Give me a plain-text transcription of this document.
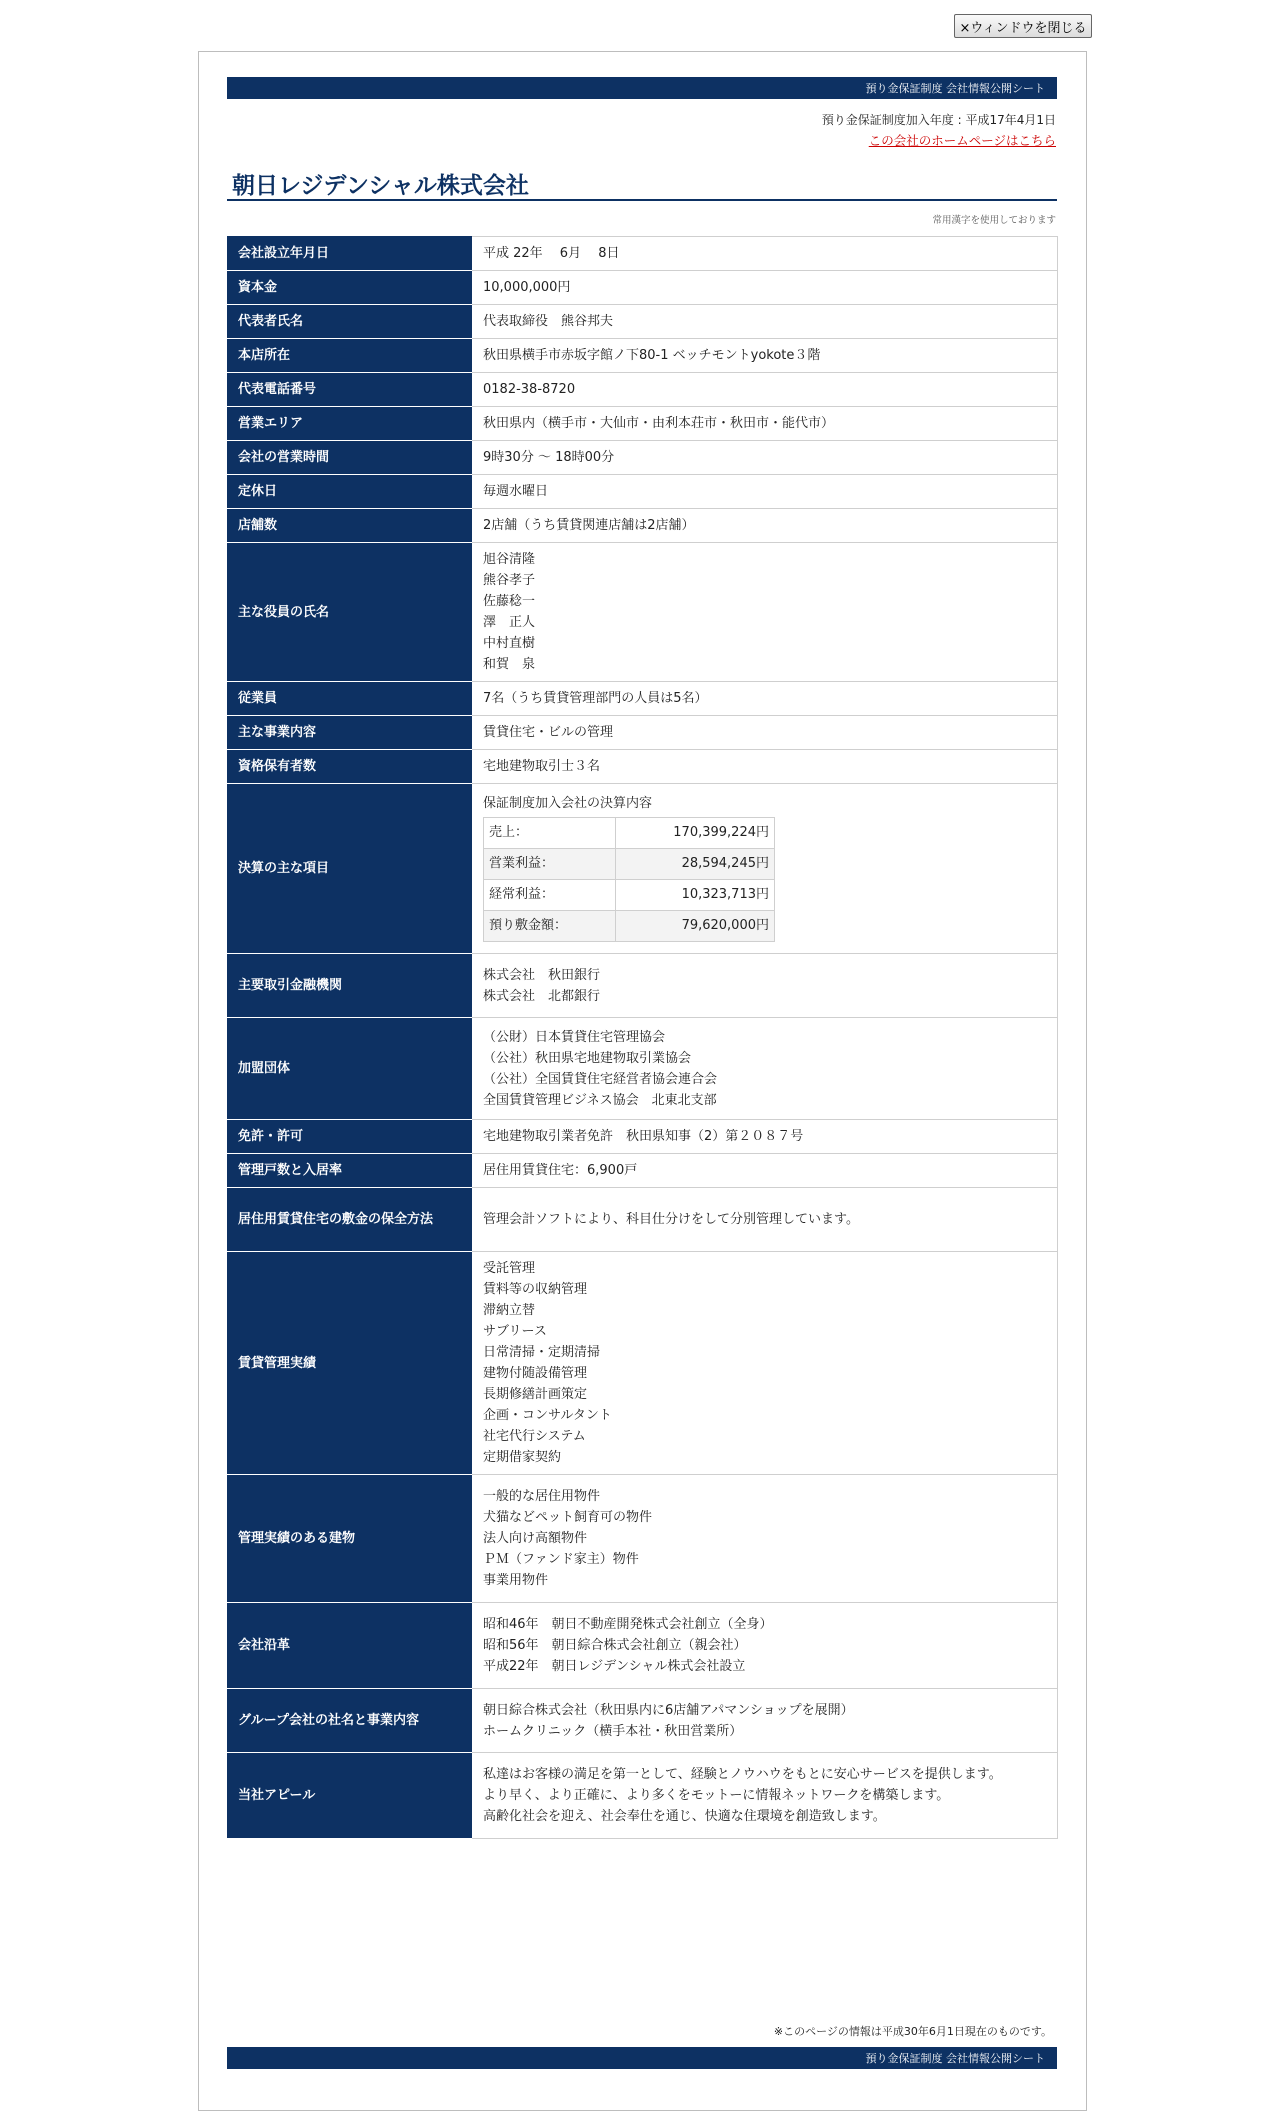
×ウィンドウを閉じる
預り金保証制度 会社情報公開シート
預り金保証制度加入年度 : 平成17年4月1日
この会社のホームページはこちら
朝日レジデンシャル株式会社
常用漢字を使用しております
会社設立年月日	平成 22年　 6月　 8日

資本金	10,000,000円

代表者氏名	代表取締役　熊谷邦夫

本店所在	秋田県横手市赤坂字館ノ下80-1 ベッチモントyokote３階

代表電話番号	0182-38-8720

営業エリア	秋田県内（横手市・大仙市・由利本荘市・秋田市・能代市）

会社の営業時間	9時30分 ～ 18時00分

定休日	毎週水曜日

店舗数	2店舗（うち賃貸関連店舗は2店舗）

主な役員の氏名	
旭谷清隆
熊谷孝子
佐藤稔一
澤　正人
中村直樹
和賀　泉

従業員	7名（うち賃貸管理部門の人員は5名）

主な事業内容	賃貸住宅・ビルの管理

資格保有者数	宅地建物取引士３名

決算の主な項目	
保証制度加入会社の決算内容
売上：	170,399,224円
営業利益：	28,594,245円
経常利益：	10,323,713円
預り敷金額：	79,620,000円

主要取引金融機関	
株式会社　秋田銀行
株式会社　北都銀行

加盟団体	
（公財）日本賃貸住宅管理協会
（公社）秋田県宅地建物取引業協会
（公社）全国賃貸住宅経営者協会連合会
全国賃貸管理ビジネス協会　北東北支部

免許・許可	宅地建物取引業者免許　秋田県知事（2）第２０８７号

管理戸数と入居率	居住用賃貸住宅：6,900戸

居住用賃貸住宅の敷金の保全方法	管理会計ソフトにより、科目仕分けをして分別管理しています。

賃貸管理実績	
受託管理
賃料等の収納管理
滞納立替
サブリース
日常清掃・定期清掃
建物付随設備管理
長期修繕計画策定
企画・コンサルタント
社宅代行システム
定期借家契約

管理実績のある建物	
一般的な居住用物件
犬猫などペット飼育可の物件
法人向け高額物件
ＰＭ（ファンド家主）物件
事業用物件

会社沿革	
昭和46年　朝日不動産開発株式会社創立（全身）
昭和56年　朝日綜合株式会社創立（親会社）
平成22年　朝日レジデンシャル株式会社設立

グループ会社の社名と事業内容	
朝日綜合株式会社（秋田県内に6店舗アパマンショップを展開）
ホームクリニック（横手本社・秋田営業所）

当社アピール	
私達はお客様の満足を第一として、経験とノウハウをもとに安心サービスを提供します。
より早く、より正確に、より多くをモットーに情報ネットワークを構築します。
高齢化社会を迎え、社会奉仕を通じ、快適な住環境を創造致します。
※このページの情報は平成30年6月1日現在のものです。
預り金保証制度 会社情報公開シート
